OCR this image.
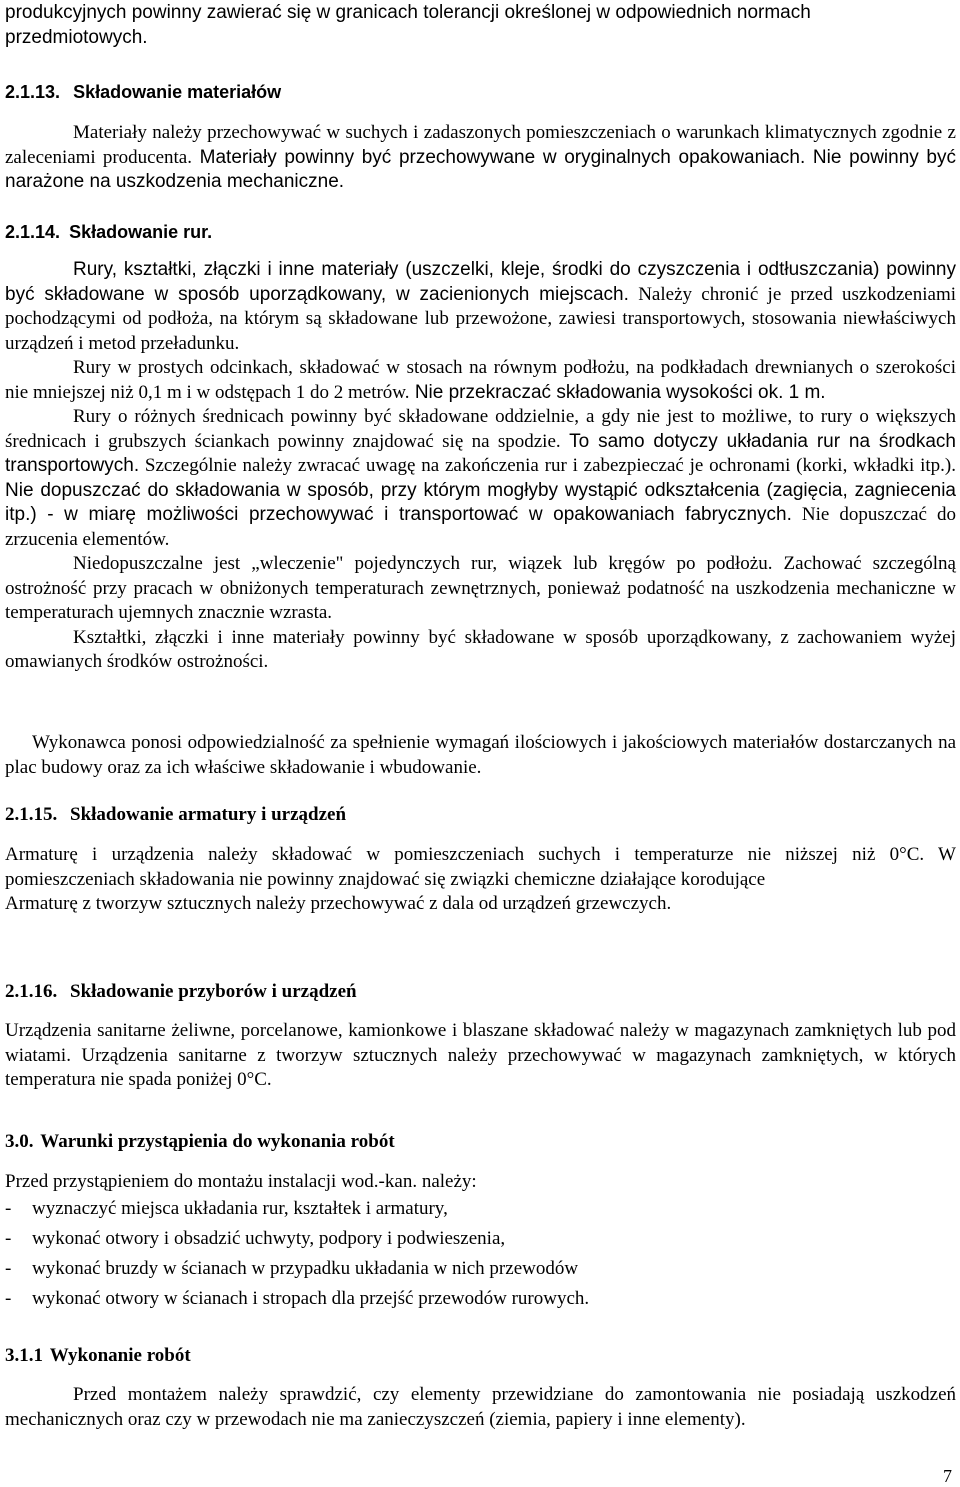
produkcyjnych powinny zawierać się w granicach tolerancji określonej w odpowiednich normach
przedmiotowych.

2.1.13. Składowanie materiałów

Materiały należy przechowywać w suchych i zadaszonych pomieszczeniach o warunkach klimatycznych zgodnie z zaleceniami producenta. Materiały powinny być przechowywane w oryginalnych opakowaniach. Nie powinny być narażone na uszkodzenia mechaniczne.

2.1.14. Składowanie rur.

Rury, kształtki, złączki i inne materiały (uszczelki, kleje, środki do czyszczenia i odtłuszczania) powinny być składowane w sposób uporządkowany, w zacienionych miejscach. Należy chronić je przed uszkodzeniami pochodzącymi od podłoża, na którym są składowane lub przewożone, zawiesi transportowych, stosowania niewłaściwych urządzeń i metod przeładunku.

Rury w prostych odcinkach, składować w stosach na równym podłożu, na podkładach drewnianych o szerokości nie mniejszej niż 0,1 m i w odstępach 1 do 2 metrów. Nie przekraczać składowania wysokości ok. 1 m.

Rury o różnych średnicach powinny być składowane oddzielnie, a gdy nie jest to możliwe, to rury o większych średnicach i grubszych ściankach powinny znajdować się na spodzie. To samo dotyczy układania rur na środkach transportowych. Szczególnie należy zwracać uwagę na zakończenia rur i zabezpieczać je ochronami (korki, wkładki itp.). Nie dopuszczać do składowania w sposób, przy którym mogłyby wystąpić odkształcenia (zagięcia, zagniecenia itp.) - w miarę możliwości przechowywać i transportować w opakowaniach fabrycznych. Nie dopuszczać do zrzucenia elementów.

Niedopuszczalne jest „wleczenie" pojedynczych rur, wiązek lub kręgów po podłożu. Zachować szczególną ostrożność przy pracach w obniżonych temperaturach zewnętrznych, ponieważ podatność na uszkodzenia mechaniczne w temperaturach ujemnych znacznie wzrasta.

Kształtki, złączki i inne materiały powinny być składowane w sposób uporządkowany, z zachowaniem wyżej omawianych środków ostrożności.

Wykonawca ponosi odpowiedzialność za spełnienie wymagań ilościowych i jakościowych materiałów dostarczanych na plac budowy oraz za ich właściwe składowanie i wbudowanie.

2.1.15. Składowanie armatury i urządzeń

Armaturę i urządzenia należy składować w pomieszczeniach suchych i temperaturze nie niższej niż 0°C. W pomieszczeniach składowania nie powinny znajdować się związki chemiczne działające korodujące

Armaturę z tworzyw sztucznych należy przechowywać z dala od urządzeń grzewczych.

2.1.16. Składowanie przyborów i urządzeń

Urządzenia sanitarne żeliwne, porcelanowe, kamionkowe i blaszane składować należy w magazynach zamkniętych lub pod wiatami. Urządzenia sanitarne z tworzyw sztucznych należy przechowywać w magazynach zamkniętych, w których temperatura nie spada poniżej 0°C.

3.0. Warunki przystąpienia do wykonania robót

Przed przystąpieniem do montażu instalacji wod.-kan. należy:

- wyznaczyć miejsca układania rur, kształtek i armatury,
- wykonać otwory i obsadzić uchwyty, podpory i podwieszenia,
- wykonać bruzdy w ścianach w przypadku układania w nich przewodów
- wykonać otwory w ścianach i stropach dla przejść przewodów rurowych.
3.1.1 Wykonanie robót

Przed montażem należy sprawdzić, czy elementy przewidziane do zamontowania nie posiadają uszkodzeń mechanicznych oraz czy w przewodach nie ma zanieczyszczeń (ziemia, papiery i inne elementy).

7
